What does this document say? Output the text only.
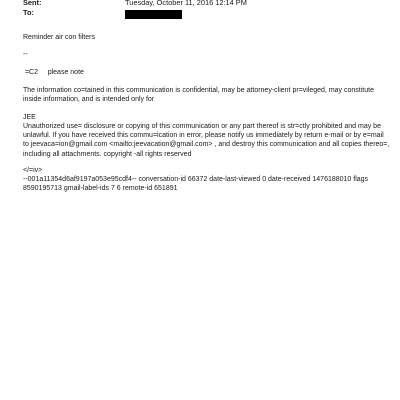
Sent:	Tuesday, October 11, 2016 12:14 PM
To:
Reminder air con filters
--
=C2     please note
The information co=tained in this communication is confidential, may be attorney-client pr=vileged, may constitute inside information, and is intended only for
JEE
Unauthorized use= disclosure or copying of this communication or any part thereof is str=ctly prohibited and may be unlawful. If you have received this commu=ication in error, please notify us immediately by return e-mail or by e=mail to jeevaca=ion@gmail.com <mailto:jeevacation@gmail.com> , and destroy this communication and all copies thereo=, including all attachments. copyright -all rights reserved
</=iv>
--001a11354d6af9197a053e95cdf4-- conversation-id 66372 date-last-viewed 0 date-received 1476188010 flags 8590195713 gmail-label-ids 7 6 remote-id 651891
